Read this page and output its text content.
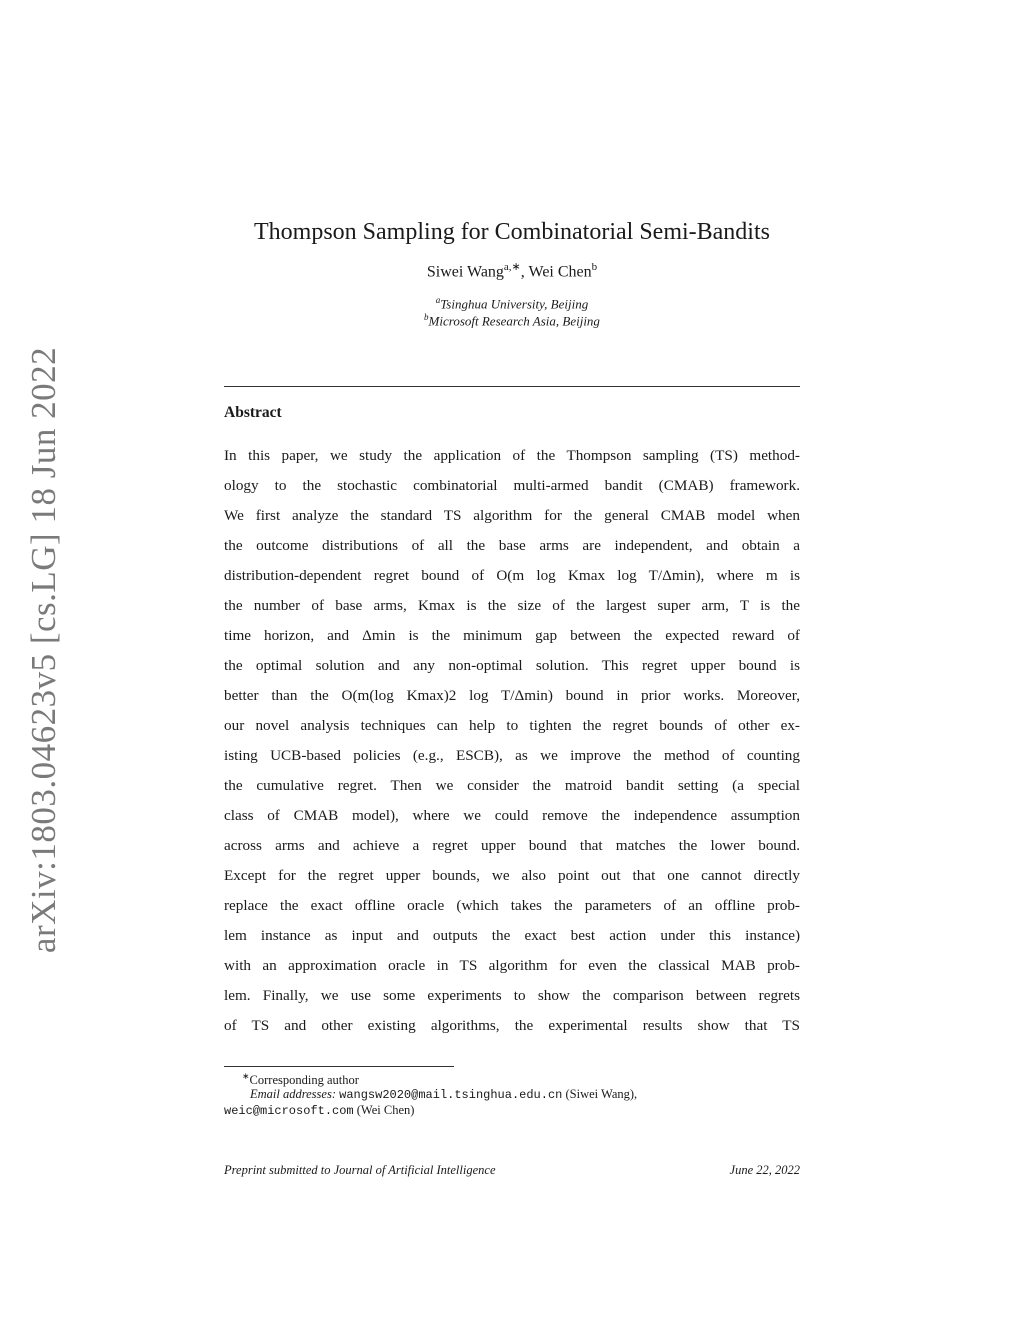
arXiv:1803.04623v5 [cs.LG] 18 Jun 2022
Thompson Sampling for Combinatorial Semi-Bandits
Siwei Wang$^{a,∗}$, Wei Chen$^b$
$^a$Tsinghua University, Beijing
$^b$Microsoft Research Asia, Beijing
Abstract
In this paper, we study the application of the Thompson sampling (TS) method-
ology to the stochastic combinatorial multi-armed bandit (CMAB) framework.
We first analyze the standard TS algorithm for the general CMAB model when
the outcome distributions of all the base arms are independent, and obtain a
distribution-dependent regret bound of O(m log Kmax log T/Δmin), where m is
the number of base arms, Kmax is the size of the largest super arm, T is the
time horizon, and Δmin is the minimum gap between the expected reward of
the optimal solution and any non-optimal solution. This regret upper bound is
better than the O(m(log Kmax)2 log T/Δmin) bound in prior works. Moreover,
our novel analysis techniques can help to tighten the regret bounds of other ex-
isting UCB-based policies (e.g., ESCB), as we improve the method of counting
the cumulative regret. Then we consider the matroid bandit setting (a special
class of CMAB model), where we could remove the independence assumption
across arms and achieve a regret upper bound that matches the lower bound.
Except for the regret upper bounds, we also point out that one cannot directly
replace the exact offline oracle (which takes the parameters of an offline prob-
lem instance as input and outputs the exact best action under this instance)
with an approximation oracle in TS algorithm for even the classical MAB prob-
lem. Finally, we use some experiments to show the comparison between regrets
of TS and other existing algorithms, the experimental results show that TS
∗Corresponding author
Email addresses: wangsw2020@mail.tsinghua.edu.cn (Siwei Wang),
weic@microsoft.com (Wei Chen)
Preprint submitted to Journal of Artificial Intelligence	June 22, 2022
